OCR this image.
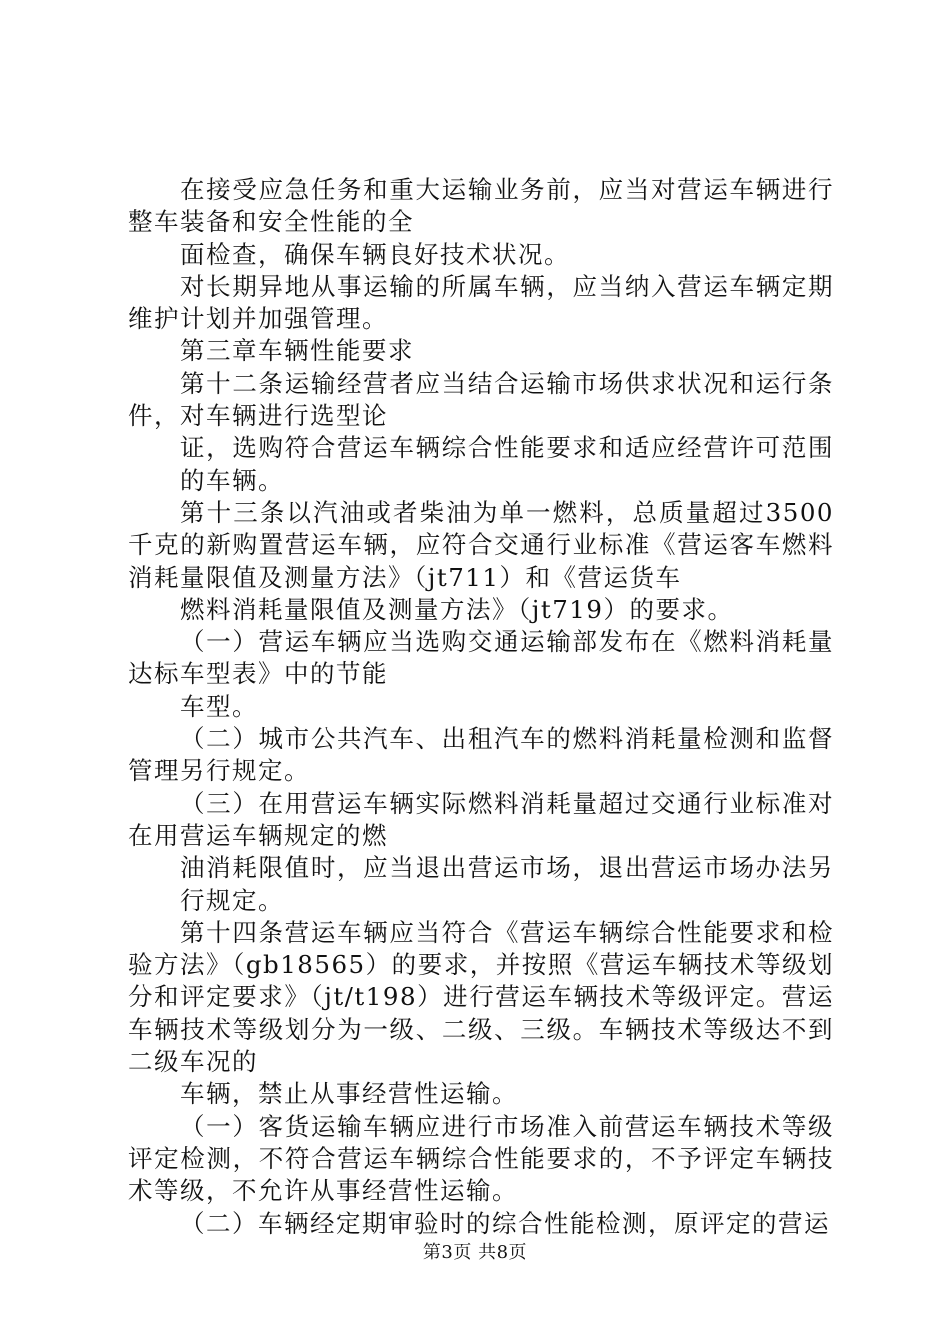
在接受应急任务和重大运输业务前，应当对营运车辆进行整车装备和安全性能的全

面检查，确保车辆良好技术状况。

对长期异地从事运输的所属车辆，应当纳入营运车辆定期维护计划并加强管理。

第三章车辆性能要求

第十二条运输经营者应当结合运输市场供求状况和运行条件，对车辆进行选型论

证，选购符合营运车辆综合性能要求和适应经营许可范围的车辆。

第十三条以汽油或者柴油为单一燃料，总质量超过3500千克的新购置营运车辆，应符合交通行业标准《营运客车燃料消耗量限值及测量方法》（jt711）和《营运货车

燃料消耗量限值及测量方法》（jt719）的要求。

（一）营运车辆应当选购交通运输部发布在《燃料消耗量达标车型表》中的节能

车型。

（二）城市公共汽车、出租汽车的燃料消耗量检测和监督管理另行规定。

（三）在用营运车辆实际燃料消耗量超过交通行业标准对在用营运车辆规定的燃

油消耗限值时，应当退出营运市场，退出营运市场办法另行规定。

第十四条营运车辆应当符合《营运车辆综合性能要求和检验方法》（gb18565）的要求，并按照《营运车辆技术等级划分和评定要求》（jt/t198）进行营运车辆技术等级评定。营运车辆技术等级划分为一级、二级、三级。车辆技术等级达不到二级车况的

车辆，禁止从事经营性运输。

（一）客货运输车辆应进行市场准入前营运车辆技术等级评定检测，不符合营运车辆综合性能要求的，不予评定车辆技术等级，不允许从事经营性运输。

（二）车辆经定期审验时的综合性能检测，原评定的营运

第3页 共8页
